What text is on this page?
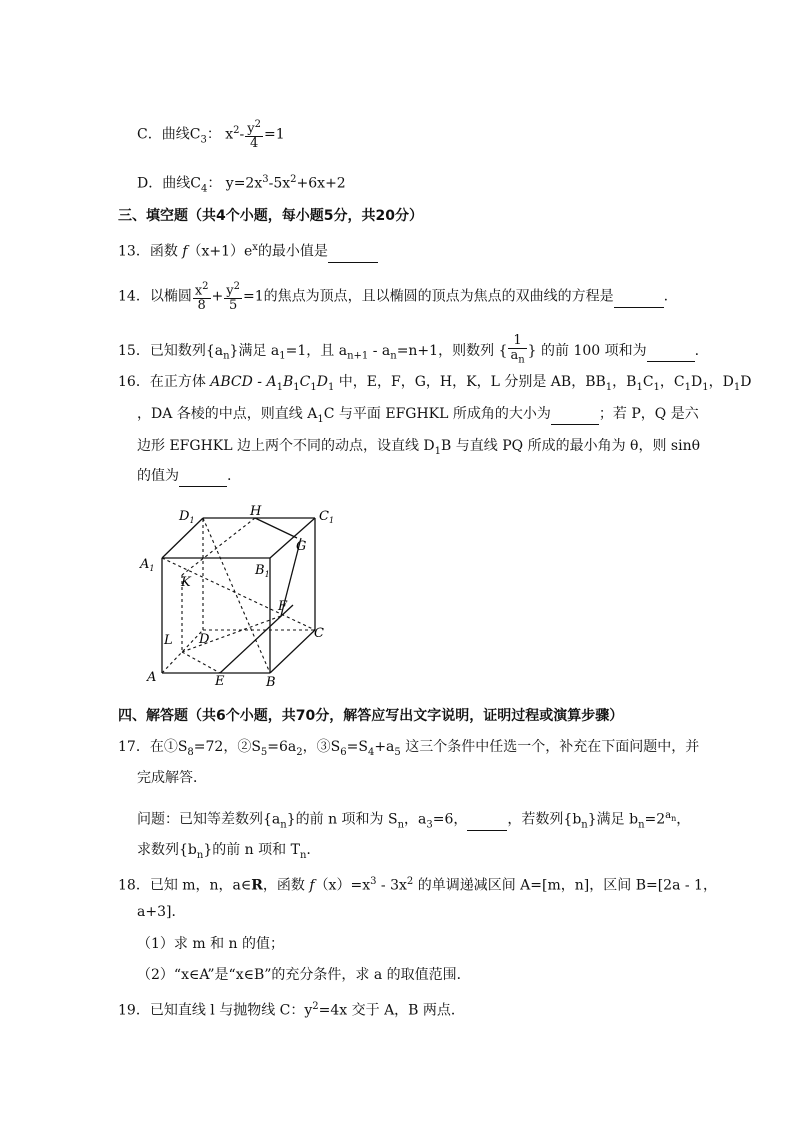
C．曲线$C_3$： $x^2- \frac{y^2}{4} =1$
D．曲线$C_4$： $y=2x^3-5x^2+6x+2$
三、填空题（共4个小题，每小题5分，共20分）
13．函数 $f(x+1)e^x$的最小值是
14．以椭圆 $\frac{x^2}{8} + \frac{y^2}{5} =1$的焦点为顶点，且以椭圆的顶点为焦点的双曲线的方程是	.
15．已知数列$\{a_n\}$满足 $a_1=1$，且 $a_{n+1} - a_n=n+1$，则数列 { $\frac{1}{a_n}$ } 的前 100 项和为	.
16．在正方体 ABCD - $A_1B_1C_1D_1$ 中，E，F，G，H，K，L 分别是 AB，$BB_1$，$B_1C_1$，$C_1D_1$，$D_1D$
，DA 各棱的中点，则直线 $A_1C$ 与平面 EFGHKL 所成角的大小为	；若 P，Q 是六
边形 EFGHKL 边上两个不同的动点，设直线 $D_1B$ 与直线 PQ 所成的最小角为 θ，则 sinθ
的值为	.
$D_1$
H	$C_1$
G
$A_1$
K
$B_1$
F
L D	C
A	E	B
四、解答题（共6个小题，共70分，解答应写出文字说明，证明过程或演算步骤）
17．在$①S_8=72$，$②S_5=6a_2$，$③S_6=S_4+a_5$ 这三个条件中任选一个，补充在下面问题中，并
完成解答．
问题：已知等差数列$\{a_n\}$的前 n 项和为 $S_n$，$a_3=6$，	，若数列$\{b_n\}$满足 $b_n=2^{a_n}$，
求数列$\{b_n\}$的前 n 项和 $T_n$.
18．已知 m，n，a∈R，函数 $f(x)=x^3 - 3x^2$ 的单调递减区间 A=[m，n]，区间 B=[2a - 1，
a+3]．
（1）求 m 和 n 的值；
（2）“x∈A”是“x∈B”的充分条件，求 a 的取值范围．
19．已知直线 l 与抛物线 C：$y^2=4x$ 交于 A，B 两点．
